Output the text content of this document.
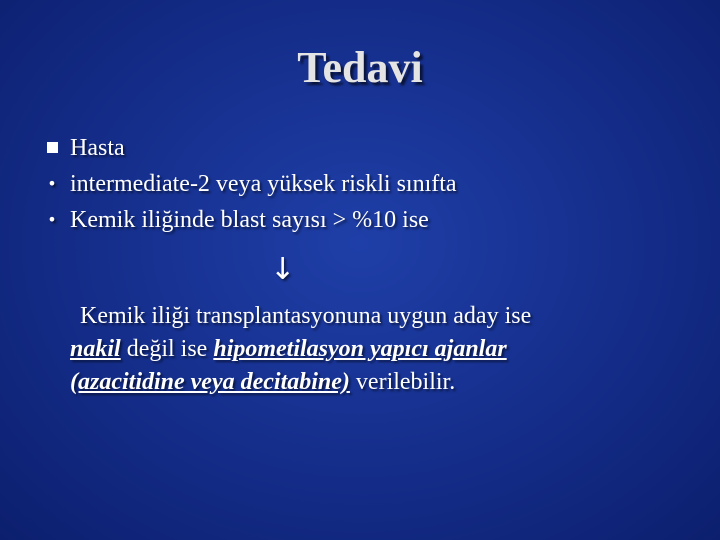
Tedavi
Hasta
• intermediate-2 veya yüksek riskli sınıfta
• Kemik iliğinde blast sayısı > %10 ise
↓
Kemik iliği transplantasyonuna uygun aday ise
nakil değil ise hipometilasyon yapıcı ajanlar
(azacitidine veya decitabine) verilebilir.
